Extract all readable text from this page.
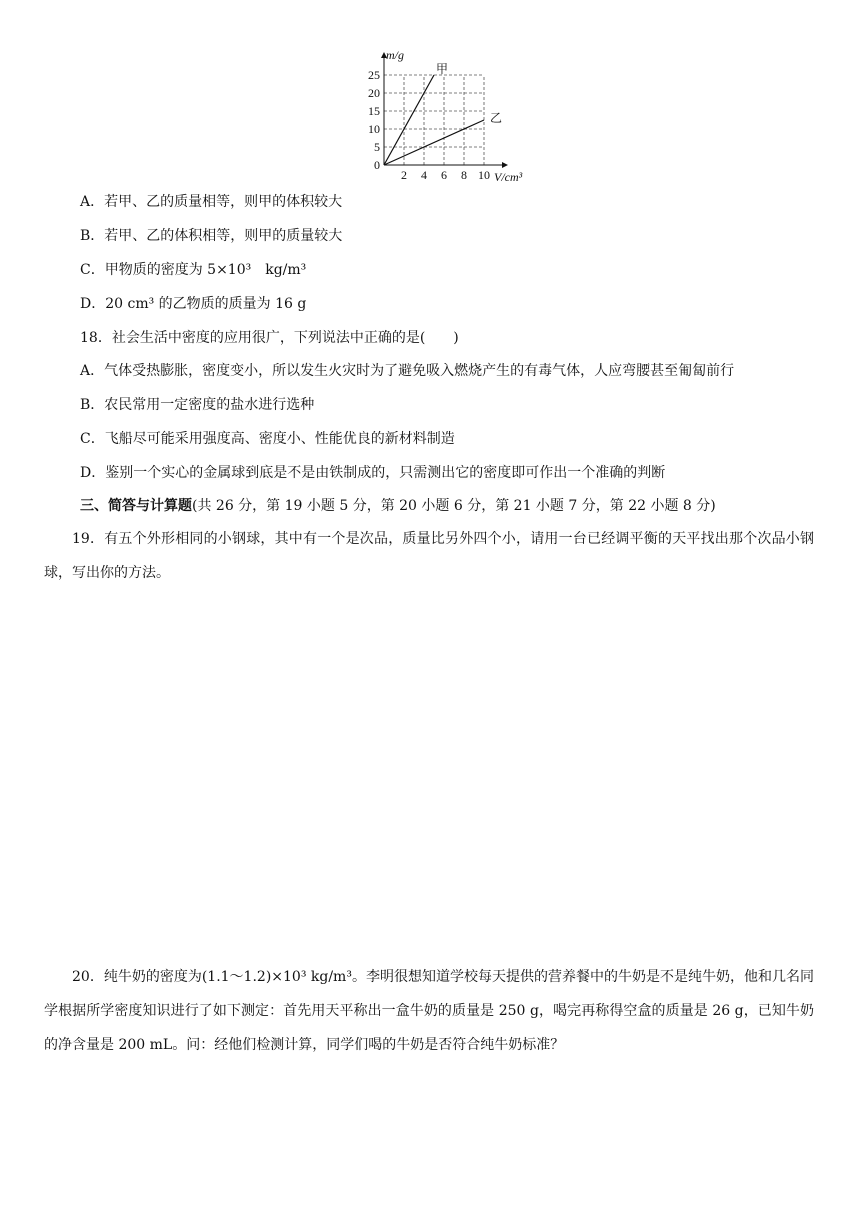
2 4 6 8 10
5
10
15
20
25
0
V/cm³
m/g
甲
乙
A．若甲、乙的质量相等，则甲的体积较大
B．若甲、乙的体积相等，则甲的质量较大
C．甲物质的密度为 5×10³　kg/m³
D．20 cm³ 的乙物质的质量为 16 g
18．社会生活中密度的应用很广，下列说法中正确的是(　　)
A．气体受热膨胀，密度变小，所以发生火灾时为了避免吸入燃烧产生的有毒气体，人应弯腰甚至匍匐前行
B．农民常用一定密度的盐水进行选种
C．飞船尽可能采用强度高、密度小、性能优良的新材料制造
D．鉴别一个实心的金属球到底是不是由铁制成的，只需测出它的密度即可作出一个准确的判断
三、简答与计算题(共 26 分，第 19 小题 5 分，第 20 小题 6 分，第 21 小题 7 分，第 22 小题 8 分)
19．有五个外形相同的小钢球，其中有一个是次品，质量比另外四个小，请用一台已经调平衡的天平找出那个次品小钢球，写出你的方法。
20．纯牛奶的密度为(1.1～1.2)×10³ kg/m³。李明很想知道学校每天提供的营养餐中的牛奶是不是纯牛奶，他和几名同学根据所学密度知识进行了如下测定：首先用天平称出一盒牛奶的质量是 250 g，喝完再称得空盒的质量是 26 g，已知牛奶的净含量是 200 mL。问：经他们检测计算，同学们喝的牛奶是否符合纯牛奶标准？
